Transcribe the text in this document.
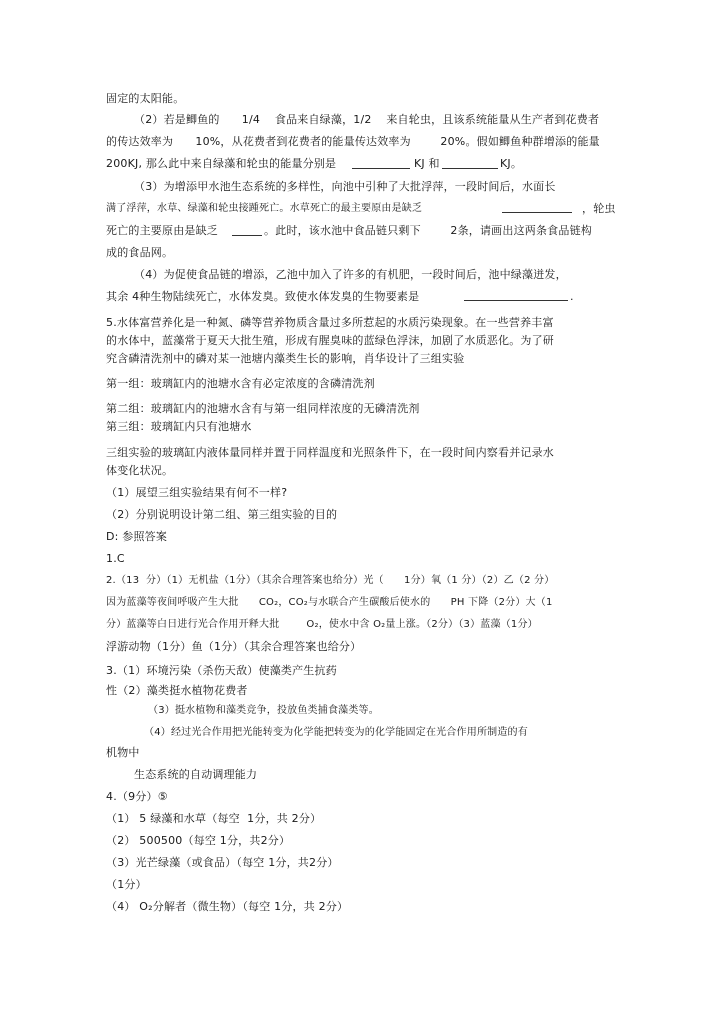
固定的太阳能。
（2）若是鲫鱼的      1/4    食品来自绿藻，1/2    来自轮虫，且该系统能量从生产者到花费者
的传达效率为      10%，从花费者到花费者的能量传达效率为        20%。假如鲫鱼种群增添的能量
200KJ, 那么此中来自绿藻和轮虫的能量分别是	KJ 和	KJ。
（3）为增添甲水池生态系统的多样性，向池中引种了大批浮萍，一段时间后，水面长
满了浮萍，水草、绿藻和轮虫接踵死亡。水草死亡的最主要原由是缺乏	，轮虫
死亡的主要原由是缺乏	。此时，该水池中食品链只剩下        2条，请画出这两条食品链构
成的食品网。
（4）为促使食品链的增添，乙池中加入了许多的有机肥，一段时间后，池中绿藻迸发，
其余 4种生物陆续死亡，水体发臭。致使水体发臭的生物要素是	.
5.水体富营养化是一种氮、磷等营养物质含量过多所惹起的水质污染现象。在一些营养丰富
的水体中，蓝藻常于夏天大批生殖，形成有腥臭味的蓝绿色浮沫，加剧了水质恶化。为了研
究含磷清洗剂中的磷对某一池塘内藻类生长的影响，肖华设计了三组实验
第一组：玻璃缸内的池塘水含有必定浓度的含磷清洗剂
第二组：玻璃缸内的池塘水含有与第一组同样浓度的无磷清洗剂
第三组：玻璃缸内只有池塘水
三组实验的玻璃缸内液体量同样并置于同样温度和光照条件下，在一段时间内察看并记录水
体变化状况。
（1）展望三组实验结果有何不一样?
（2）分别说明设计第二组、第三组实验的目的
D: 参照答案
1.C
2.（13  分）（1）无机盐（1分）（其余合理答案也给分）光（      1分）氧（1 分）（2）乙（2 分）
因为蓝藻等夜间呼吸产生大批      CO₂，CO₂与水联合产生碳酸后使水的      PH 下降（2分）大（1
分）蓝藻等白日进行光合作用开释大批        O₂，使水中含 O₂量上涨。（2分）（3）蓝藻（1分）
浮游动物（1分）鱼（1分）（其余合理答案也给分）
3.（1）环境污染（杀伤天敌）使藻类产生抗药
性（2）藻类挺水植物花费者
（3）挺水植物和藻类竞争，投放鱼类捕食藻类等。
（4）经过光合作用把光能转变为化学能把转变为的化学能固定在光合作用所制造的有
机物中
生态系统的自动调理能力
4.（9分）⑤
（1） 5 绿藻和水草（每空  1分，共 2分）
（2） 500500（每空 1分，共2分）
（3）光芒绿藻（或食品）（每空 1分，共2分）
（1分）
（4） O₂分解者（微生物）（每空 1分，共 2分）
